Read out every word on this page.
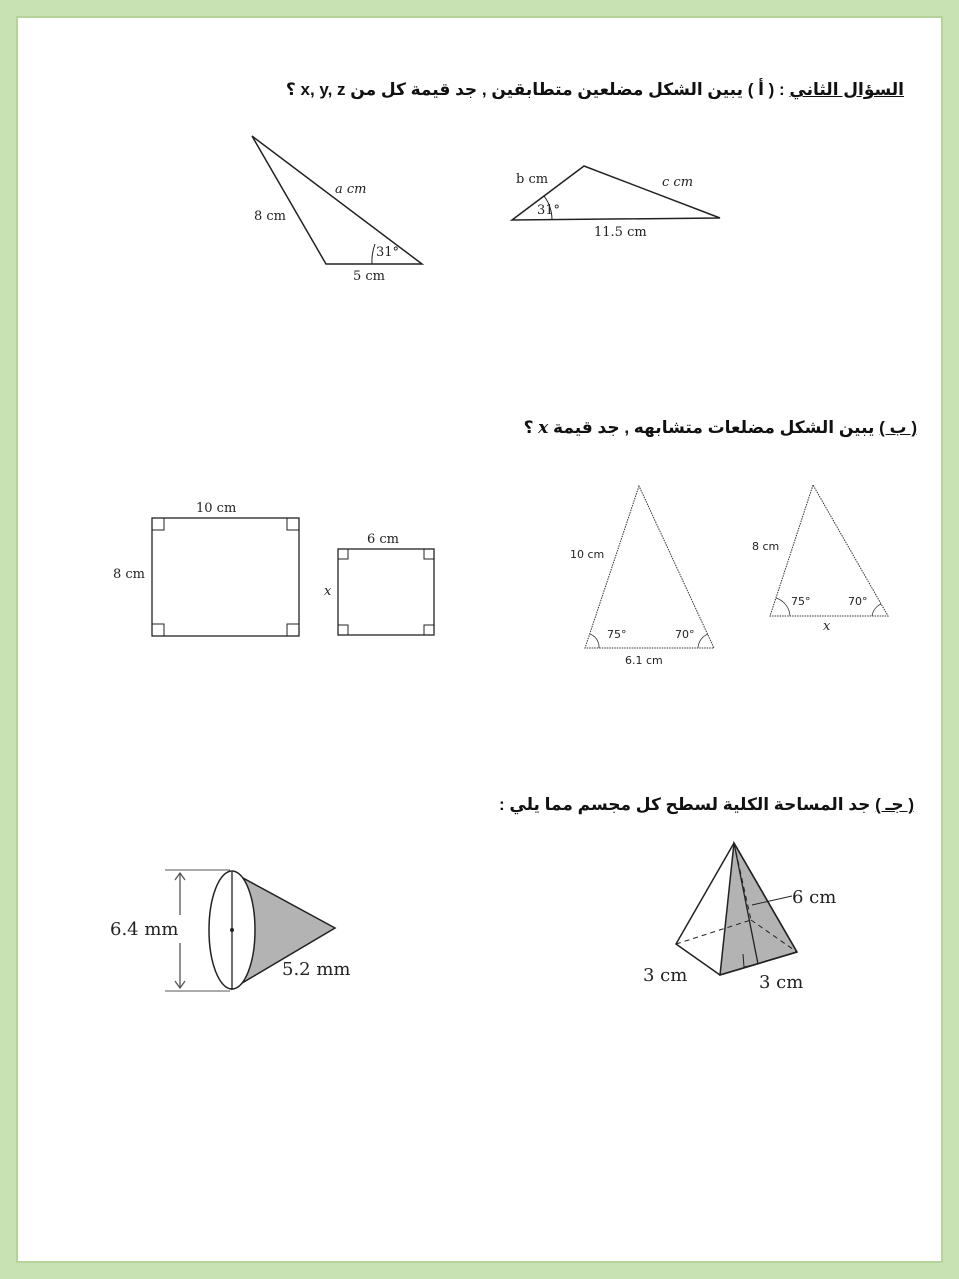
السؤال الثاني : ( أ ) يبين الشكل مضلعين متطابقين , جد قيمة كل من x, y, z ؟
( ب ) يبين الشكل مضلعات متشابهه , جد قيمة x ؟
( جـ ) جد المساحة الكلية لسطح كل مجسم مما يلي :
a cm
8 cm
31°
5 cm
b cm	c cm
31°
11.5 cm
10 cm
8 cm
6 cm
x
10 cm
75°	70°
6.1 cm
8 cm
75°	70°
x
6.4 mm
5.2 mm
6 cm
3 cm	3 cm
